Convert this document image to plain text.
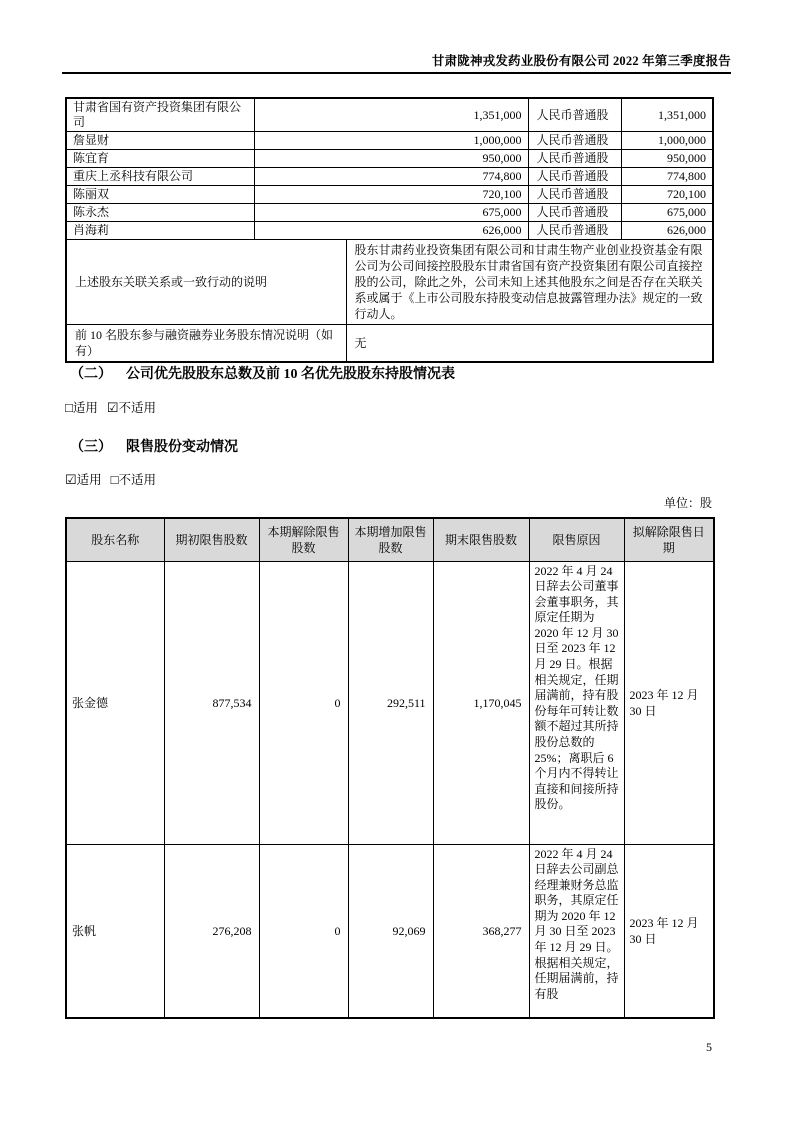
甘肃陇神戎发药业股份有限公司 2022 年第三季度报告
甘肃省国有资产投资集团有限公司	1,351,000		人民币普通股	1,351,000
詹显财	1,000,000		人民币普通股	1,000,000
陈宜育	950,000		人民币普通股	950,000
重庆上丞科技有限公司	774,800		人民币普通股	774,800
陈丽双	720,100		人民币普通股	720,100
陈永杰	675,000		人民币普通股	675,000
肖海莉	626,000		人民币普通股	626,000
上述股东关联关系或一致行动的说明		股东甘肃药业投资集团有限公司和甘肃生物产业创业投资基金有限公司为公司间接控股股东甘肃省国有资产投资集团有限公司直接控股的公司，除此之外，公司未知上述其他股东之间是否存在关联关系或属于《上市公司股东持股变动信息披露管理办法》规定的一致行动人。		
前 10 名股东参与融资融券业务股东情况说明（如有）		无		
（二） 公司优先股股东总数及前 10 名优先股股东持股情况表
□适用 ☑不适用
（三） 限售股份变动情况
☑适用 □不适用
单位：股
股东名称	期初限售股数	本期解除限售股数	本期增加限售股数	期末限售股数	限售原因	拟解除限售日期
张金德	877,534	0	292,511	1,170,045	2022 年 4 月 24 日辞去公司董事会董事职务，其原定任期为 2020 年 12 月 30 日至 2023 年 12 月 29 日。根据相关规定，任期届满前，持有股份每年可转让数额不超过其所持股份总数的 25%；离职后 6 个月内不得转让直接和间接所持股份。	2023 年 12 月 30 日
张帆	276,208	0	92,069	368,277	2022 年 4 月 24 日辞去公司副总经理兼财务总监职务，其原定任期为 2020 年 12 月 30 日至 2023 年 12 月 29 日。根据相关规定，任期届满前，持有股	2023 年 12 月 30 日
5
